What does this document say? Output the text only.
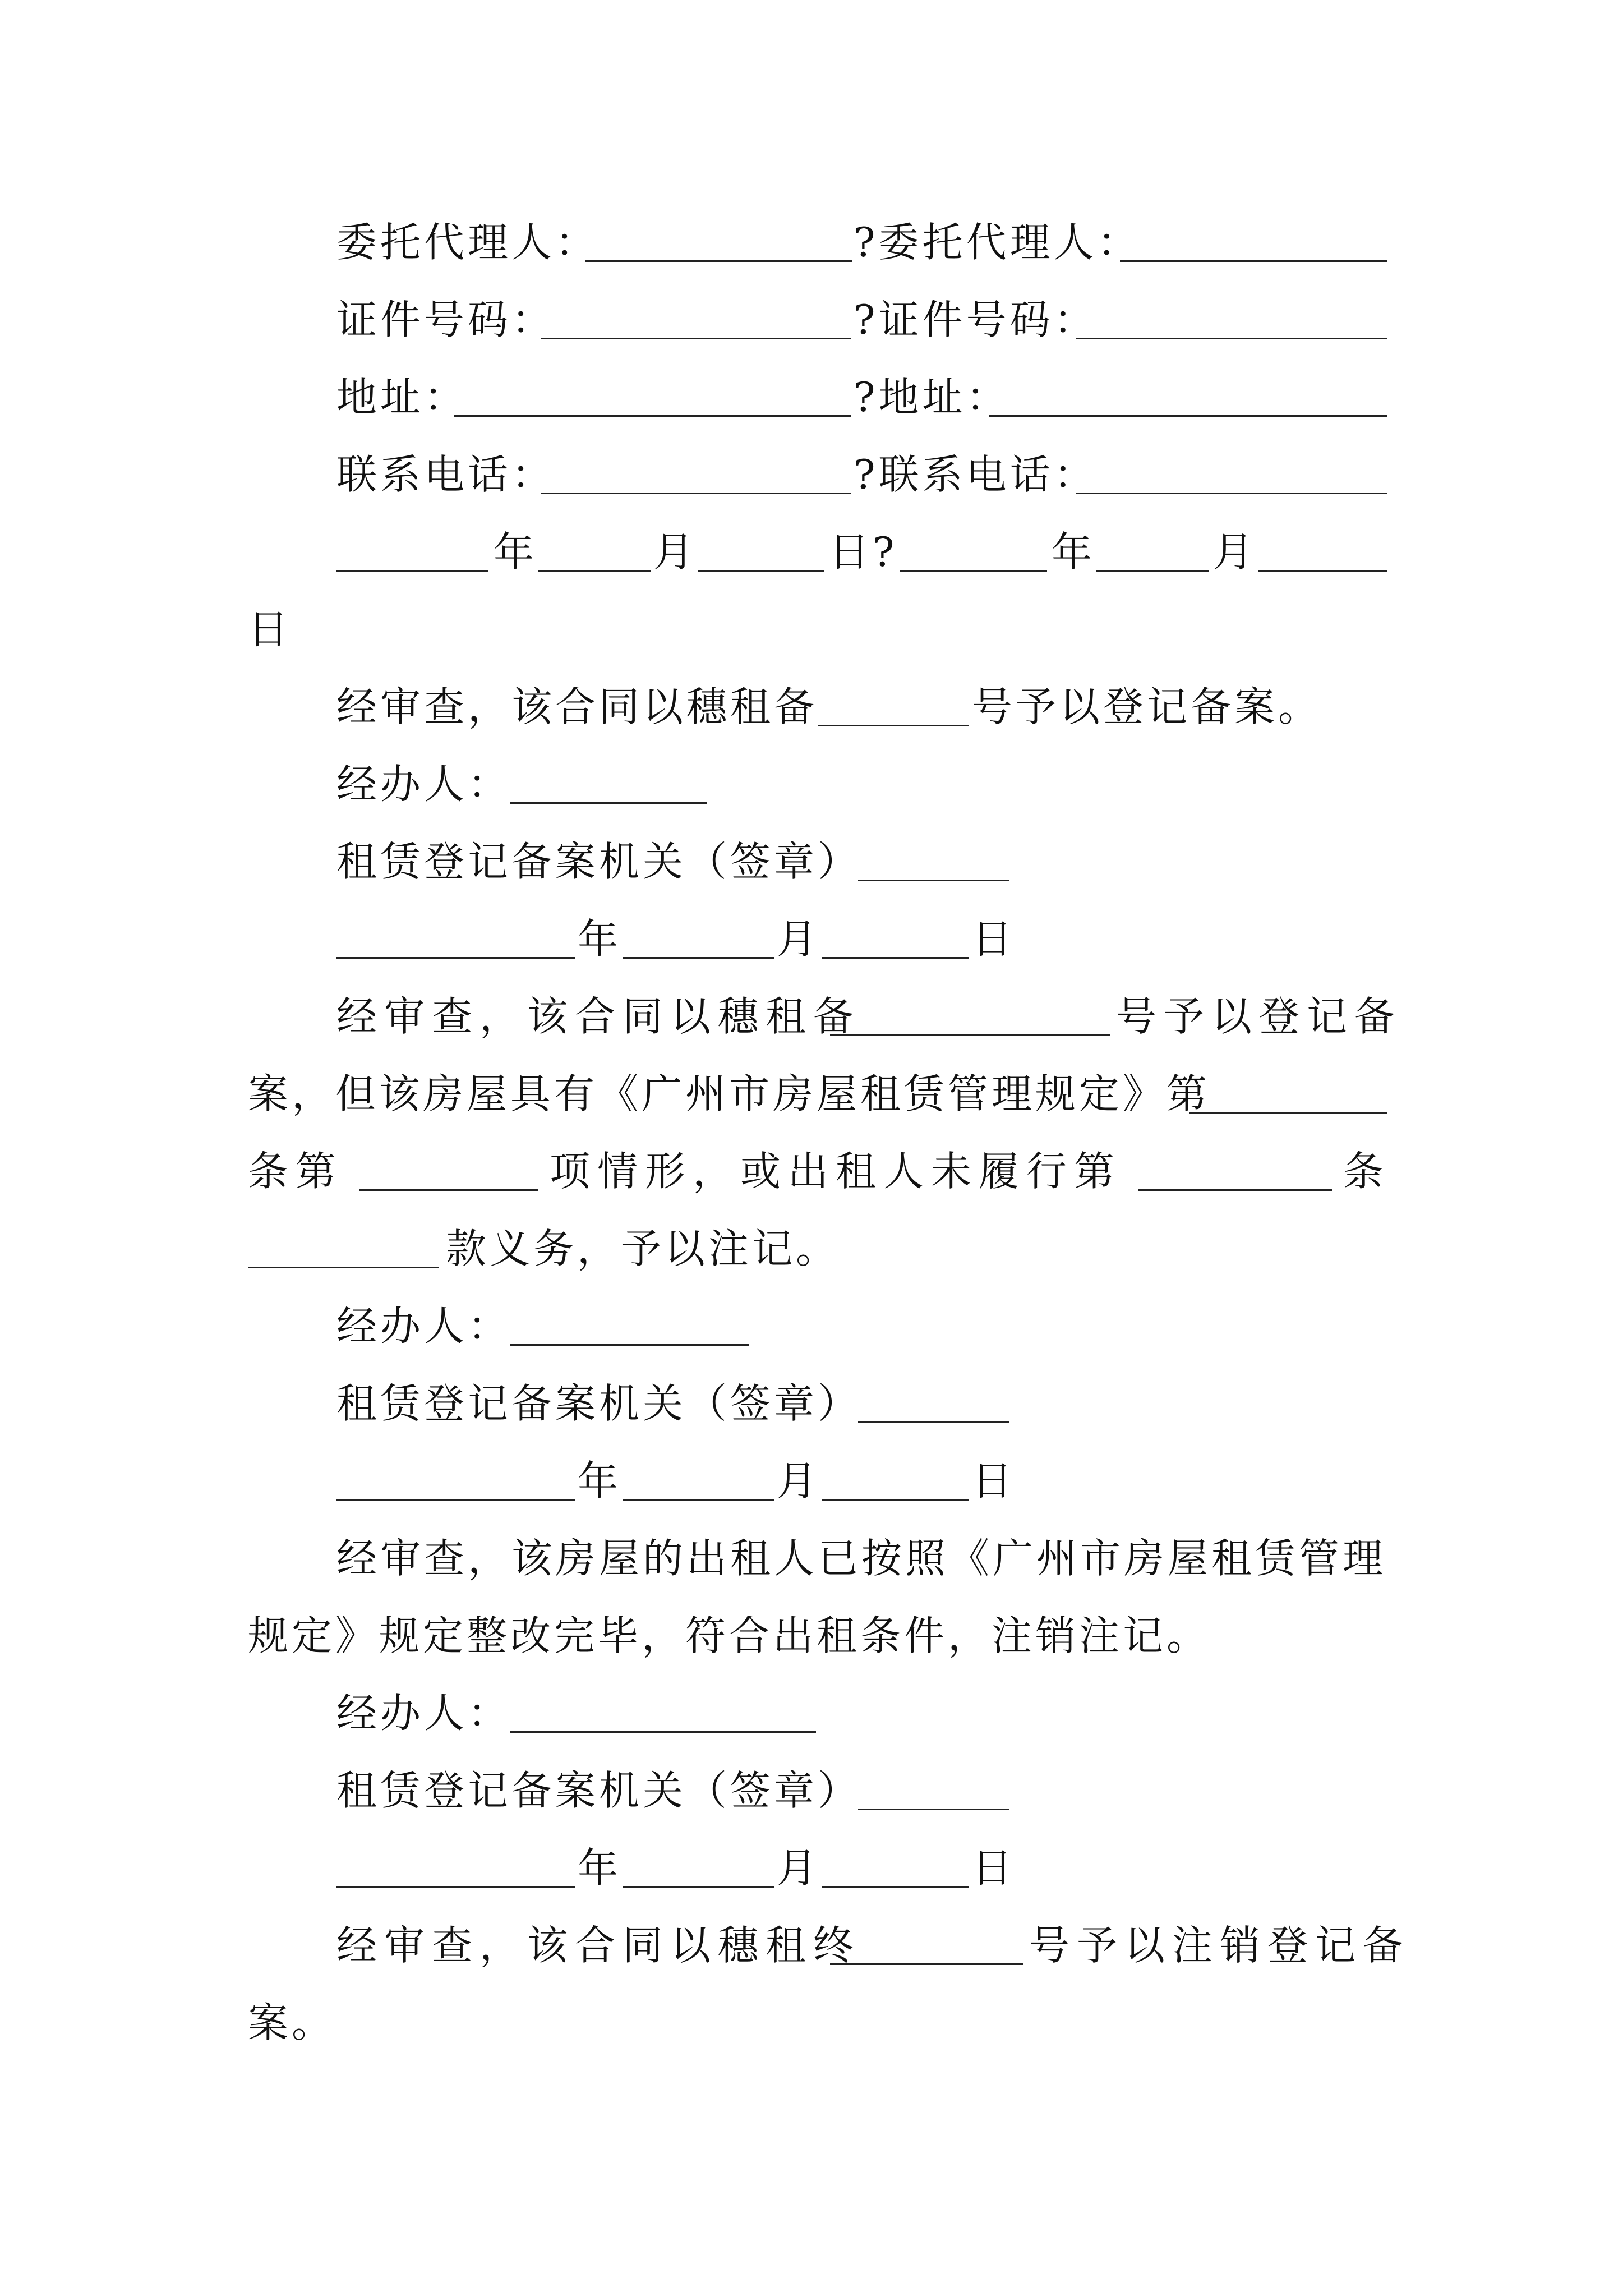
委托代理人：	?委托代理人：
证件号码：	?证件号码：
地址：	?地址：
联系电话：	?联系电话：
年	月	日?	年	月
日
经审查，该合同以穗租备	号予以登记备案。
经办人：
租赁登记备案机关（签章）
年	月	日
经审查，该合同以穗租备	号予以登记备
案，但该房屋具有《广州市房屋租赁管理规定》第
条第	项情形，或出租人未履行第	条
款义务，予以注记。
经办人：
租赁登记备案机关（签章）
年	月	日
经审查，该房屋的出租人已按照《广州市房屋租赁管理
规定》规定整改完毕，符合出租条件，注销注记。
经办人：
租赁登记备案机关（签章）
年	月	日
经审查，该合同以穗租终	号予以注销登记备
案。
